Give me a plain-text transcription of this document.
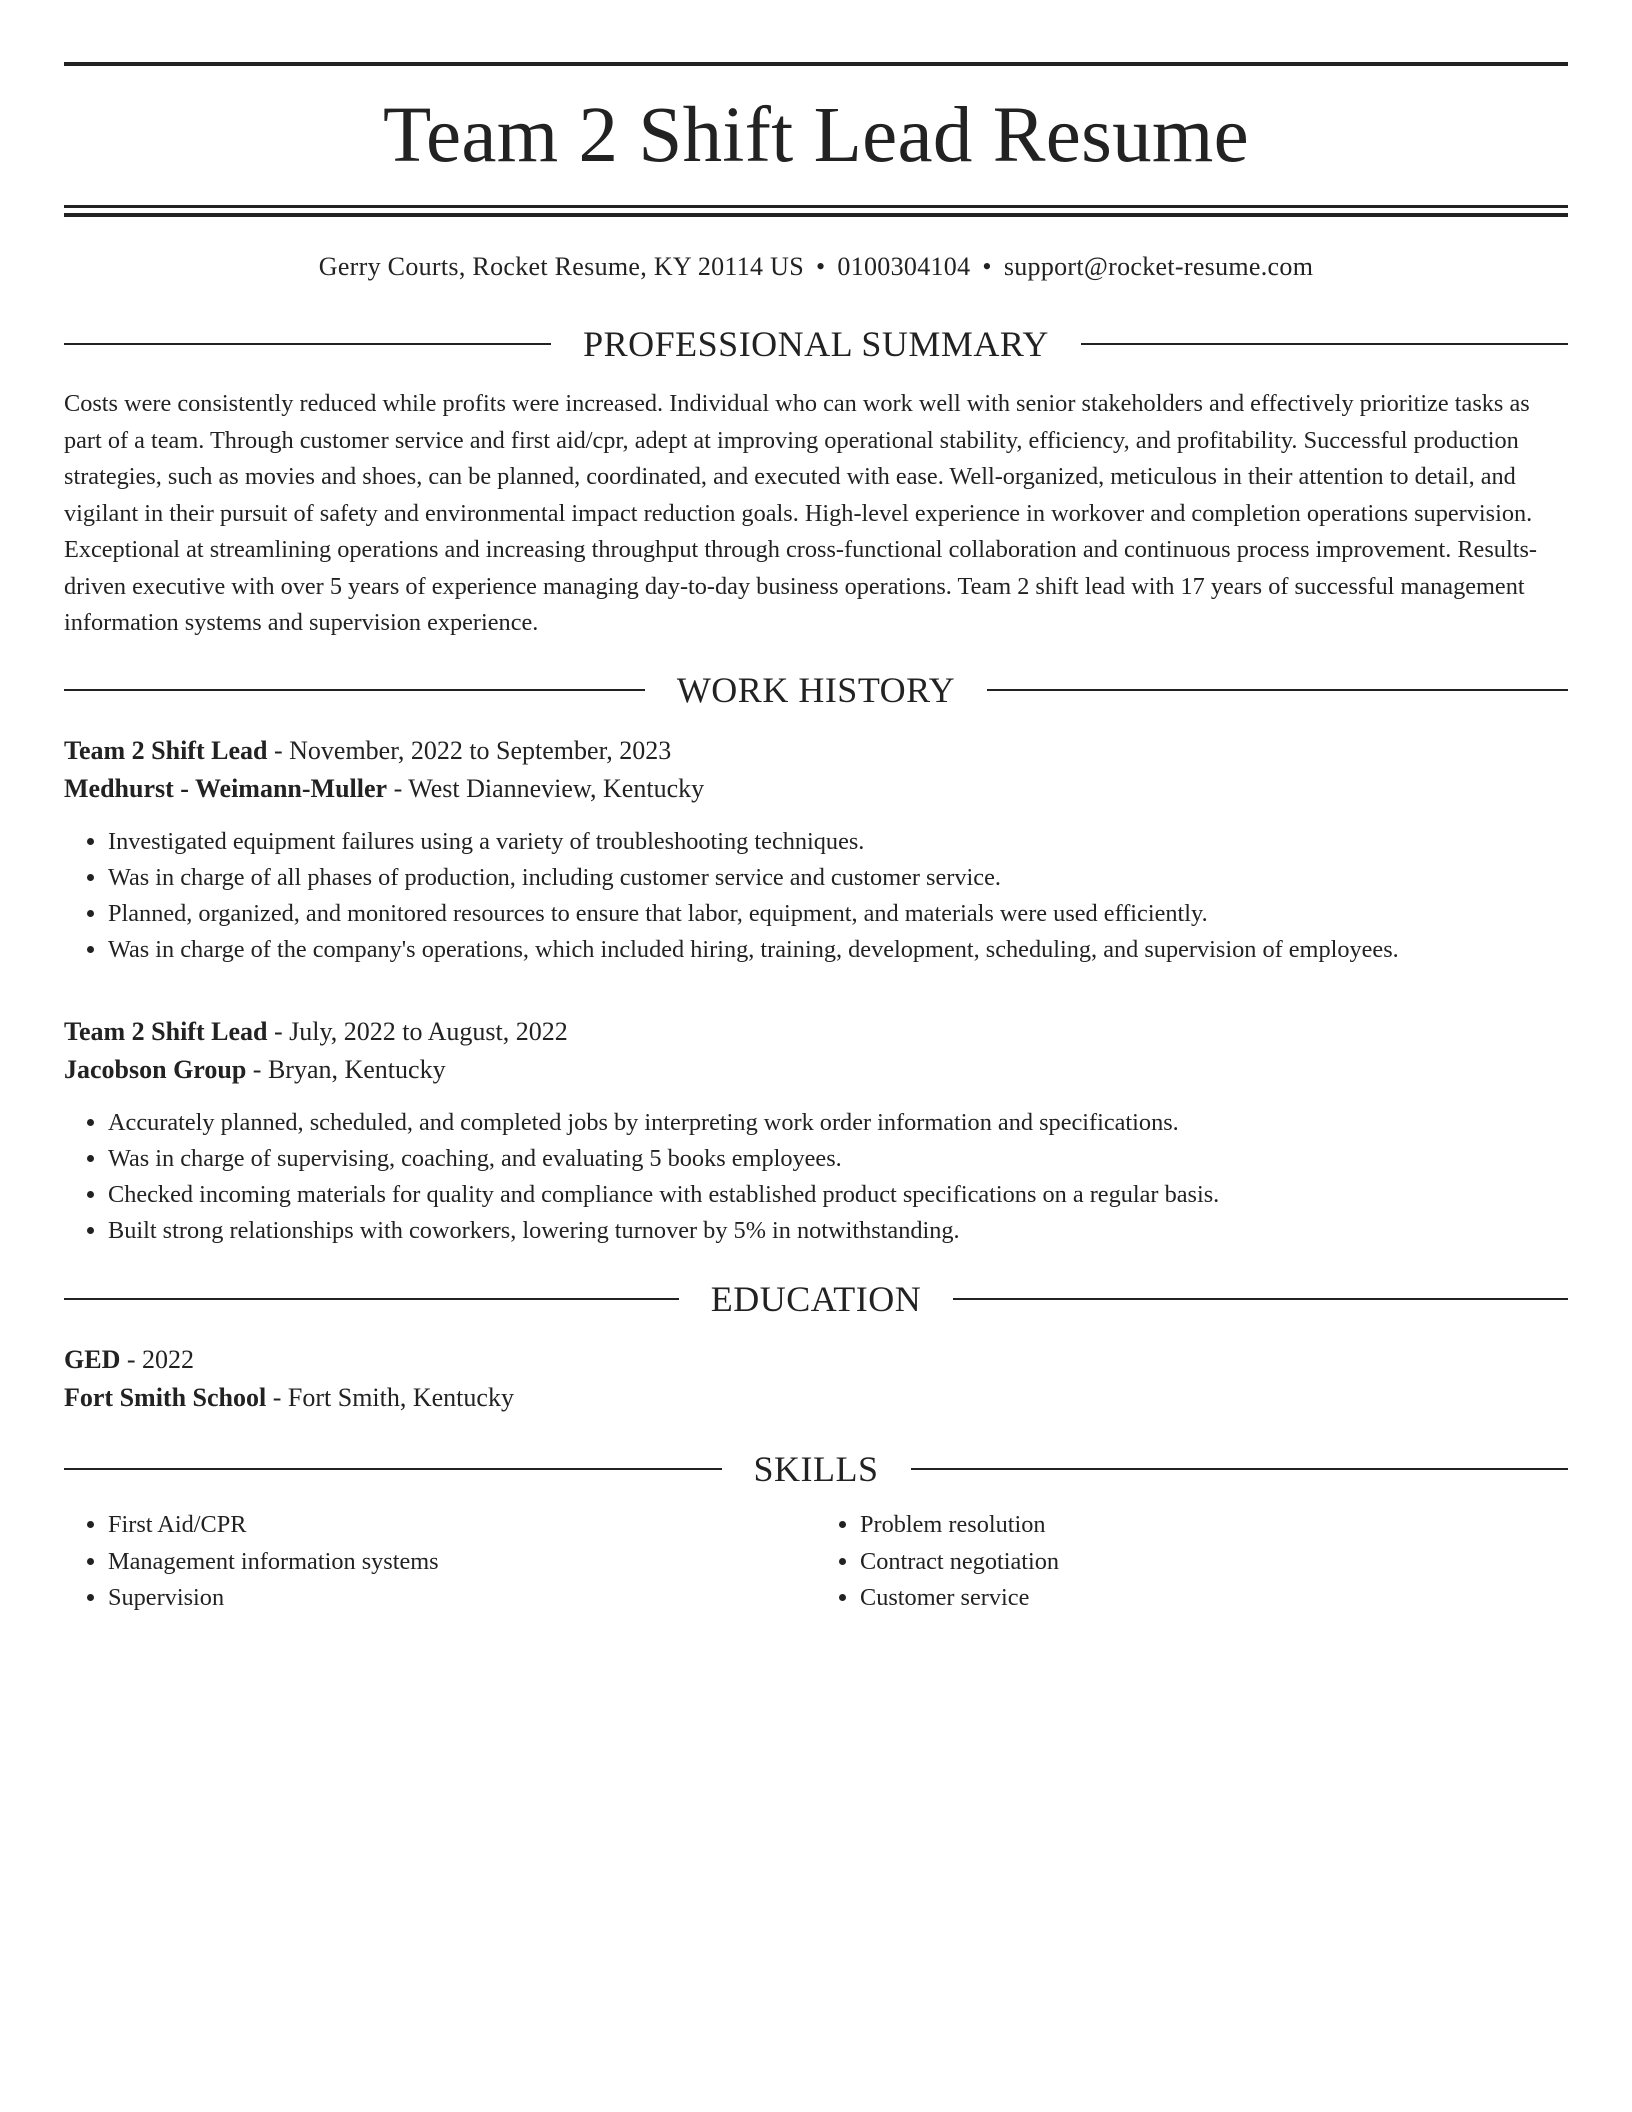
Team 2 Shift Lead Resume
Gerry Courts, Rocket Resume, KY 20114 US • 0100304104 • support@rocket-resume.com
PROFESSIONAL SUMMARY

Costs were consistently reduced while profits were increased. Individual who can work well with senior stakeholders and effectively prioritize tasks as part of a team. Through customer service and first aid/cpr, adept at improving operational stability, efficiency, and profitability. Successful production strategies, such as movies and shoes, can be planned, coordinated, and executed with ease. Well-organized, meticulous in their attention to detail, and vigilant in their pursuit of safety and environmental impact reduction goals. High-level experience in workover and completion operations supervision. Exceptional at streamlining operations and increasing throughput through cross-functional collaboration and continuous process improvement. Results-driven executive with over 5 years of experience managing day-to-day business operations. Team 2 shift lead with 17 years of successful management information systems and supervision experience.

WORK HISTORY
Team 2 Shift Lead - November, 2022 to September, 2023
Medhurst - Weimann-Muller - West Dianneview, Kentucky
• Investigated equipment failures using a variety of troubleshooting techniques.
• Was in charge of all phases of production, including customer service and customer service.
• Planned, organized, and monitored resources to ensure that labor, equipment, and materials were used efficiently.
• Was in charge of the company's operations, which included hiring, training, development, scheduling, and supervision of employees.
Team 2 Shift Lead - July, 2022 to August, 2022
Jacobson Group - Bryan, Kentucky
• Accurately planned, scheduled, and completed jobs by interpreting work order information and specifications.
• Was in charge of supervising, coaching, and evaluating 5 books employees.
• Checked incoming materials for quality and compliance with established product specifications on a regular basis.
• Built strong relationships with coworkers, lowering turnover by 5% in notwithstanding.
EDUCATION
GED - 2022
Fort Smith School - Fort Smith, Kentucky
SKILLS
• First Aid/CPR
• Management information systems
• Supervision
• Problem resolution
• Contract negotiation
• Customer service
